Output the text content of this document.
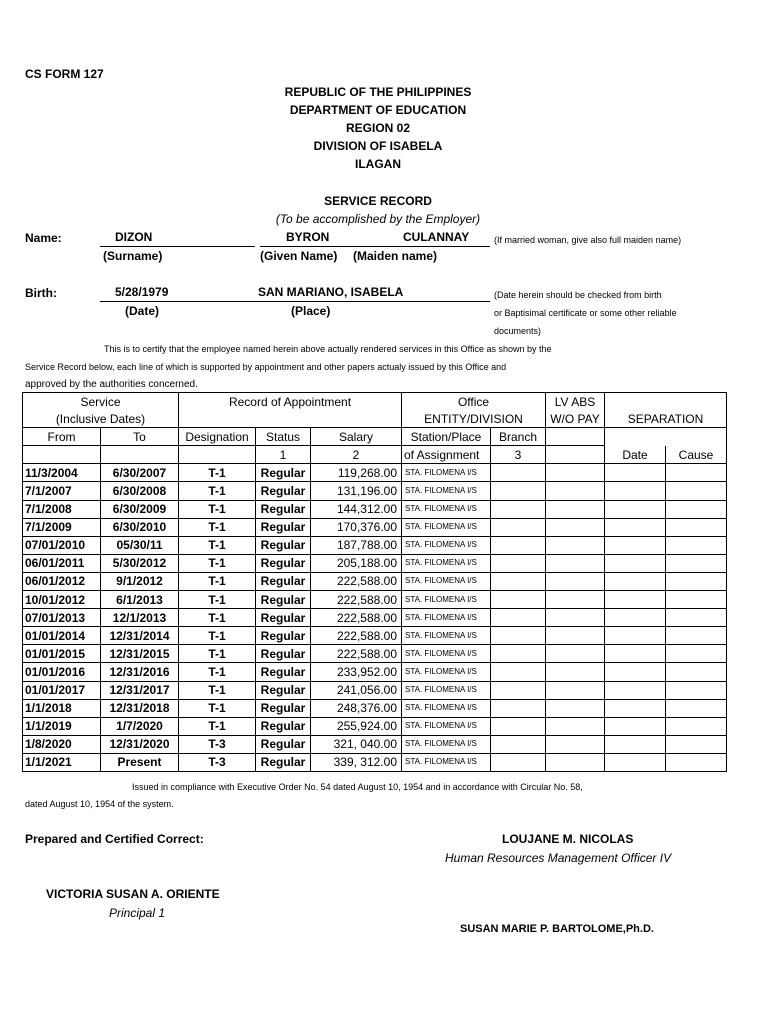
CS FORM 127
REPUBLIC OF THE PHILIPPINES
DEPARTMENT OF EDUCATION
REGION 02
DIVISION OF ISABELA
ILAGAN
SERVICE RECORD
(To be accomplished by the Employer)
Name:	DIZON	BYRON	CULANNAY	(If married woman, give also full maiden name)
(Surname)	(Given Name) (Maiden name)
Birth:	5/28/1979	SAN MARIANO, ISABELA
(Date)	(Place)
(Date herein should be checked from birth
or Baptisimal certificate or some other reliable
documents)
This is to certify that the employee named herein above actually rendered services in this Office as shown by the
Service Record below, each line of which is supported by appointment and other papers actualy issued by this Office and
approved by the authorities concerned.
Service		Record of Appointment			Office		LV ABS		
(Inclusive Dates)					ENTITY/DIVISION		W/O PAY	SEPARATION	
From	To	Designation	Status	Salary	Station/Place	Branch			
			1	2	of Assignment	3		Date	Cause
11/3/2004	6/30/2007	T-1	Regular	119,268.00	STA. FILOMENA I/S				
7/1/2007	6/30/2008	T-1	Regular	131,196.00	STA. FILOMENA I/S				
7/1/2008	6/30/2009	T-1	Regular	144,312.00	STA. FILOMENA I/S				
7/1/2009	6/30/2010	T-1	Regular	170,376.00	STA. FILOMENA I/S				
07/01/2010	05/30/11	T-1	Regular	187,788.00	STA. FILOMENA I/S				
06/01/2011	5/30/2012	T-1	Regular	205,188.00	STA. FILOMENA I/S				
06/01/2012	9/1/2012	T-1	Regular	222,588.00	STA. FILOMENA I/S				
10/01/2012	6/1/2013	T-1	Regular	222,588.00	STA. FILOMENA I/S				
07/01/2013	12/1/2013	T-1	Regular	222,588.00	STA. FILOMENA I/S				
01/01/2014	12/31/2014	T-1	Regular	222,588.00	STA. FILOMENA I/S				
01/01/2015	12/31/2015	T-1	Regular	222,588.00	STA. FILOMENA I/S				
01/01/2016	12/31/2016	T-1	Regular	233,952.00	STA. FILOMENA I/S				
01/01/2017	12/31/2017	T-1	Regular	241,056.00	STA. FILOMENA I/S				
1/1/2018	12/31/2018	T-1	Regular	248,376.00	STA. FILOMENA I/S				
1/1/2019	1/7/2020	T-1	Regular	255,924.00	STA. FILOMENA I/S				
1/8/2020	12/31/2020	T-3	Regular	321, 040.00	STA. FILOMENA I/S				
1/1/2021	Present	T-3	Regular	339, 312.00	STA. FILOMENA I/S				
Issued in compliance with Executive Order No. 54 dated August 10, 1954 and in accordance with Circular No. 58,
dated August 10, 1954 of the system.
Prepared and Certified Correct:	LOUJANE M. NICOLAS
Human Resources Management Officer IV
VICTORIA SUSAN A. ORIENTE
Principal 1
SUSAN MARIE P. BARTOLOME,Ph.D.
